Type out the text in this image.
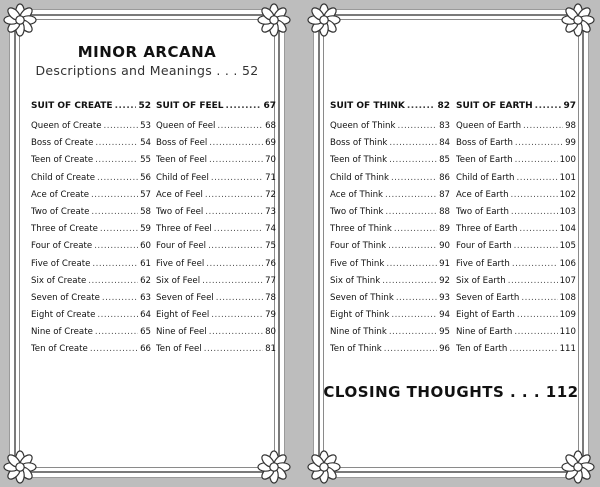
MINOR ARCANA
Descriptions and Meanings . . . 52
SUIT OF CREATE .....	52
Queen of Create .....	53
Boss of Create .....	54
Teen of Create .....	55
Child of Create .....	56
Ace of Create .....	57
Two of Create .....	58
Three of Create .....	59
Four of Create .....	60
Five of Create .....	61
Six of Create .....	62
Seven of Create .....	63
Eight of Create .....	64
Nine of Create .....	65
Ten of Create .....	66
SUIT OF FEEL .....	67
Queen of Feel .....	68
Boss of Feel .....	69
Teen of Feel .....	70
Child of Feel .....	71
Ace of Feel .....	72
Two of Feel .....	73
Three of Feel .....	74
Four of Feel .....	75
Five of Feel .....	76
Six of Feel .....	77
Seven of Feel .....	78
Eight of Feel .....	79
Nine of Feel .....	80
Ten of Feel .....	81
SUIT OF THINK .....	82
Queen of Think .....	83
Boss of Think .....	84
Teen of Think .....	85
Child of Think .....	86
Ace of Think .....	87
Two of Think .....	88
Three of Think .....	89
Four of Think .....	90
Five of Think .....	91
Six of Think .....	92
Seven of Think .....	93
Eight of Think .....	94
Nine of Think .....	95
Ten of Think .....	96
SUIT OF EARTH .....	97
Queen of Earth .....	98
Boss of Earth .....	99
Teen of Earth .....	100
Child of Earth .....	101
Ace of Earth .....	102
Two of Earth .....	103
Three of Earth .....	104
Four of Earth .....	105
Five of Earth .....	106
Six of Earth .....	107
Seven of Earth .....	108
Eight of Earth .....	109
Nine of Earth .....	110
Ten of Earth .....	111
CLOSING THOUGHTS . . . 112
